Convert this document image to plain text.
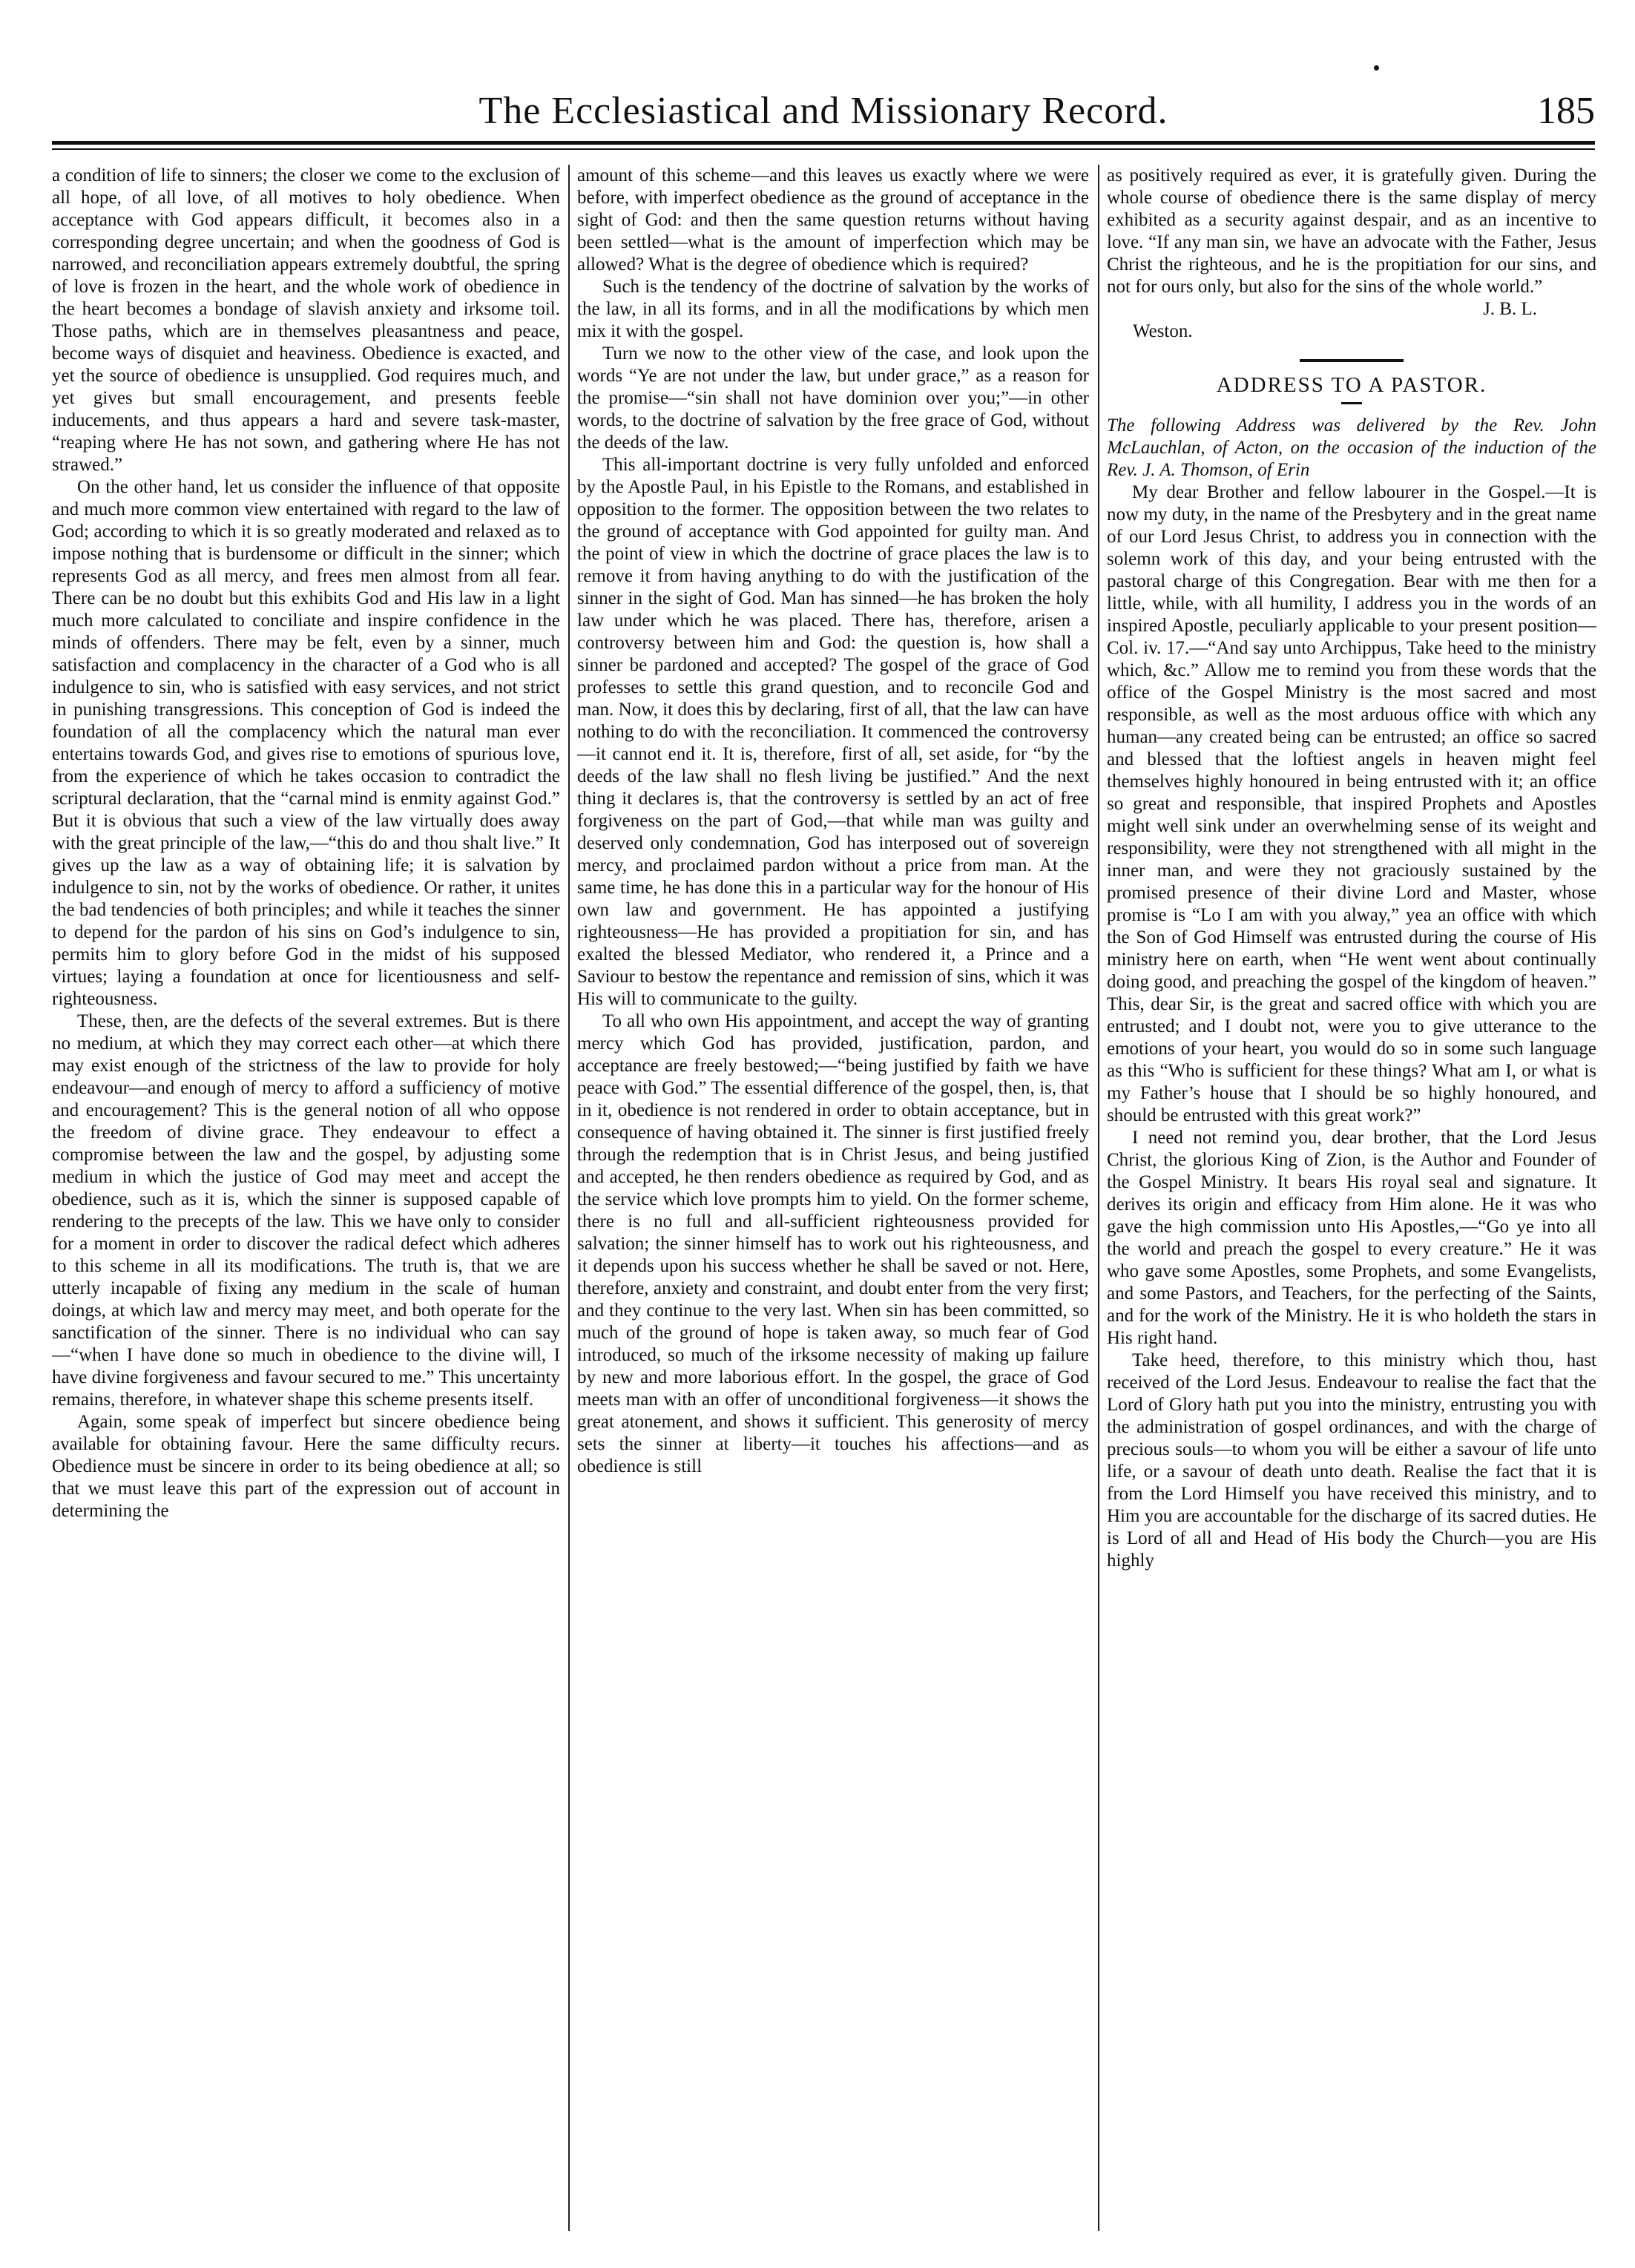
The Ecclesiastical and Missionary Record.	185

a condition of life to sinners; the closer we come to the exclusion of all hope, of all love, of all motives to holy obedience. When acceptance with God appears difficult, it becomes also in a corresponding degree uncertain; and when the goodness of God is narrowed, and reconciliation appears extremely doubtful, the spring of love is frozen in the heart, and the whole work of obedience in the heart becomes a bondage of slavish anxiety and irksome toil. Those paths, which are in themselves pleasantness and peace, become ways of disquiet and heaviness. Obedience is exacted, and yet the source of obedience is unsupplied. God requires much, and yet gives but small encouragement, and presents feeble inducements, and thus appears a hard and severe task-master, “reaping where He has not sown, and gathering where He has not strawed.”

On the other hand, let us consider the influence of that opposite and much more common view entertained with regard to the law of God; according to which it is so greatly moderated and relaxed as to impose nothing that is burdensome or difficult in the sinner; which represents God as all mercy, and frees men almost from all fear. There can be no doubt but this exhibits God and His law in a light much more calculated to conciliate and inspire confidence in the minds of offenders. There may be felt, even by a sinner, much satisfaction and complacency in the character of a God who is all indulgence to sin, who is satisfied with easy services, and not strict in punishing transgressions. This conception of God is indeed the foundation of all the complacency which the natural man ever entertains towards God, and gives rise to emotions of spurious love, from the experience of which he takes occasion to contradict the scriptural declaration, that the “carnal mind is enmity against God.” But it is obvious that such a view of the law virtually does away with the great principle of the law,—“this do and thou shalt live.” It gives up the law as a way of obtaining life; it is salvation by indulgence to sin, not by the works of obedience. Or rather, it unites the bad tendencies of both principles; and while it teaches the sinner to depend for the pardon of his sins on God’s indulgence to sin, permits him to glory before God in the midst of his supposed virtues; laying a foundation at once for licentiousness and self-righteousness.

These, then, are the defects of the several extremes. But is there no medium, at which they may correct each other—at which there may exist enough of the strictness of the law to provide for holy endeavour—and enough of mercy to afford a sufficiency of motive and encouragement? This is the general notion of all who oppose the freedom of divine grace. They endeavour to effect a compromise between the law and the gospel, by adjusting some medium in which the justice of God may meet and accept the obedience, such as it is, which the sinner is supposed capable of rendering to the precepts of the law. This we have only to consider for a moment in order to discover the radical defect which adheres to this scheme in all its modifications. The truth is, that we are utterly incapable of fixing any medium in the scale of human doings, at which law and mercy may meet, and both operate for the sanctification of the sinner. There is no individual who can say—“when I have done so much in obedience to the divine will, I have divine forgiveness and favour secured to me.” This uncertainty remains, therefore, in whatever shape this scheme presents itself.

Again, some speak of imperfect but sincere obedience being available for obtaining favour. Here the same difficulty recurs. Obedience must be sincere in order to its being obedience at all; so that we must leave this part of the expression out of account in determining the

amount of this scheme—and this leaves us exactly where we were before, with imperfect obedience as the ground of acceptance in the sight of God: and then the same question returns without having been settled—what is the amount of imperfection which may be allowed? What is the degree of obedience which is required?

Such is the tendency of the doctrine of salvation by the works of the law, in all its forms, and in all the modifications by which men mix it with the gospel.

Turn we now to the other view of the case, and look upon the words “Ye are not under the law, but under grace,” as a reason for the promise—“sin shall not have dominion over you;”—in other words, to the doctrine of salvation by the free grace of God, without the deeds of the law.

This all-important doctrine is very fully unfolded and enforced by the Apostle Paul, in his Epistle to the Romans, and established in opposition to the former. The opposition between the two relates to the ground of acceptance with God appointed for guilty man. And the point of view in which the doctrine of grace places the law is to remove it from having anything to do with the justification of the sinner in the sight of God. Man has sinned—he has broken the holy law under which he was placed. There has, therefore, arisen a controversy between him and God: the question is, how shall a sinner be pardoned and accepted? The gospel of the grace of God professes to settle this grand question, and to reconcile God and man. Now, it does this by declaring, first of all, that the law can have nothing to do with the reconciliation. It commenced the controversy—it cannot end it. It is, therefore, first of all, set aside, for “by the deeds of the law shall no flesh living be justified.” And the next thing it declares is, that the controversy is settled by an act of free forgiveness on the part of God,—that while man was guilty and deserved only condemnation, God has interposed out of sovereign mercy, and proclaimed pardon without a price from man. At the same time, he has done this in a particular way for the honour of His own law and government. He has appointed a justifying righteousness—He has provided a propitiation for sin, and has exalted the blessed Mediator, who rendered it, a Prince and a Saviour to bestow the repentance and remission of sins, which it was His will to communicate to the guilty.

To all who own His appointment, and accept the way of granting mercy which God has provided, justification, pardon, and acceptance are freely bestowed;—“being justified by faith we have peace with God.” The essential difference of the gospel, then, is, that in it, obedience is not rendered in order to obtain acceptance, but in consequence of having obtained it. The sinner is first justified freely through the redemption that is in Christ Jesus, and being justified and accepted, he then renders obedience as required by God, and as the service which love prompts him to yield. On the former scheme, there is no full and all-sufficient righteousness provided for salvation; the sinner himself has to work out his righteousness, and it depends upon his success whether he shall be saved or not. Here, therefore, anxiety and constraint, and doubt enter from the very first; and they continue to the very last. When sin has been committed, so much of the ground of hope is taken away, so much fear of God introduced, so much of the irksome necessity of making up failure by new and more laborious effort. In the gospel, the grace of God meets man with an offer of unconditional forgiveness—it shows the great atonement, and shows it sufficient. This generosity of mercy sets the sinner at liberty—it touches his affections—and as obedience is still

as positively required as ever, it is gratefully given. During the whole course of obedience there is the same display of mercy exhibited as a security against despair, and as an incentive to love. “If any man sin, we have an advocate with the Father, Jesus Christ the righteous, and he is the propitiation for our sins, and not for ours only, but also for the sins of the whole world.”

J. B. L.

Weston.

ADDRESS TO A PASTOR.

The following Address was delivered by the Rev. John McLauchlan, of Acton, on the occasion of the induction of the Rev. J. A. Thomson, of Erin

My dear Brother and fellow labourer in the Gospel.—It is now my duty, in the name of the Presbytery and in the great name of our Lord Jesus Christ, to address you in connection with the solemn work of this day, and your being entrusted with the pastoral charge of this Congregation. Bear with me then for a little, while, with all humility, I address you in the words of an inspired Apostle, peculiarly applicable to your present position—Col. iv. 17.—“And say unto Archippus, Take heed to the ministry which, &c.” Allow me to remind you from these words that the office of the Gospel Ministry is the most sacred and most responsible, as well as the most arduous office with which any human—any created being can be entrusted; an office so sacred and blessed that the loftiest angels in heaven might feel themselves highly honoured in being entrusted with it; an office so great and responsible, that inspired Prophets and Apostles might well sink under an overwhelming sense of its weight and responsibility, were they not strengthened with all might in the inner man, and were they not graciously sustained by the promised presence of their divine Lord and Master, whose promise is “Lo I am with you alway,” yea an office with which the Son of God Himself was entrusted during the course of His ministry here on earth, when “He went went about continually doing good, and preaching the gospel of the kingdom of heaven.” This, dear Sir, is the great and sacred office with which you are entrusted; and I doubt not, were you to give utterance to the emotions of your heart, you would do so in some such language as this “Who is sufficient for these things? What am I, or what is my Father’s house that I should be so highly honoured, and should be entrusted with this great work?”

I need not remind you, dear brother, that the Lord Jesus Christ, the glorious King of Zion, is the Author and Founder of the Gospel Ministry. It bears His royal seal and signature. It derives its origin and efficacy from Him alone. He it was who gave the high commission unto His Apostles,—“Go ye into all the world and preach the gospel to every creature.” He it was who gave some Apostles, some Prophets, and some Evangelists, and some Pastors, and Teachers, for the perfecting of the Saints, and for the work of the Ministry. He it is who holdeth the stars in His right hand.

Take heed, therefore, to this ministry which thou, hast received of the Lord Jesus. Endeavour to realise the fact that the Lord of Glory hath put you into the ministry, entrusting you with the administration of gospel ordinances, and with the charge of precious souls—to whom you will be either a savour of life unto life, or a savour of death unto death. Realise the fact that it is from the Lord Himself you have received this ministry, and to Him you are accountable for the discharge of its sacred duties. He is Lord of all and Head of His body the Church—you are His highly
